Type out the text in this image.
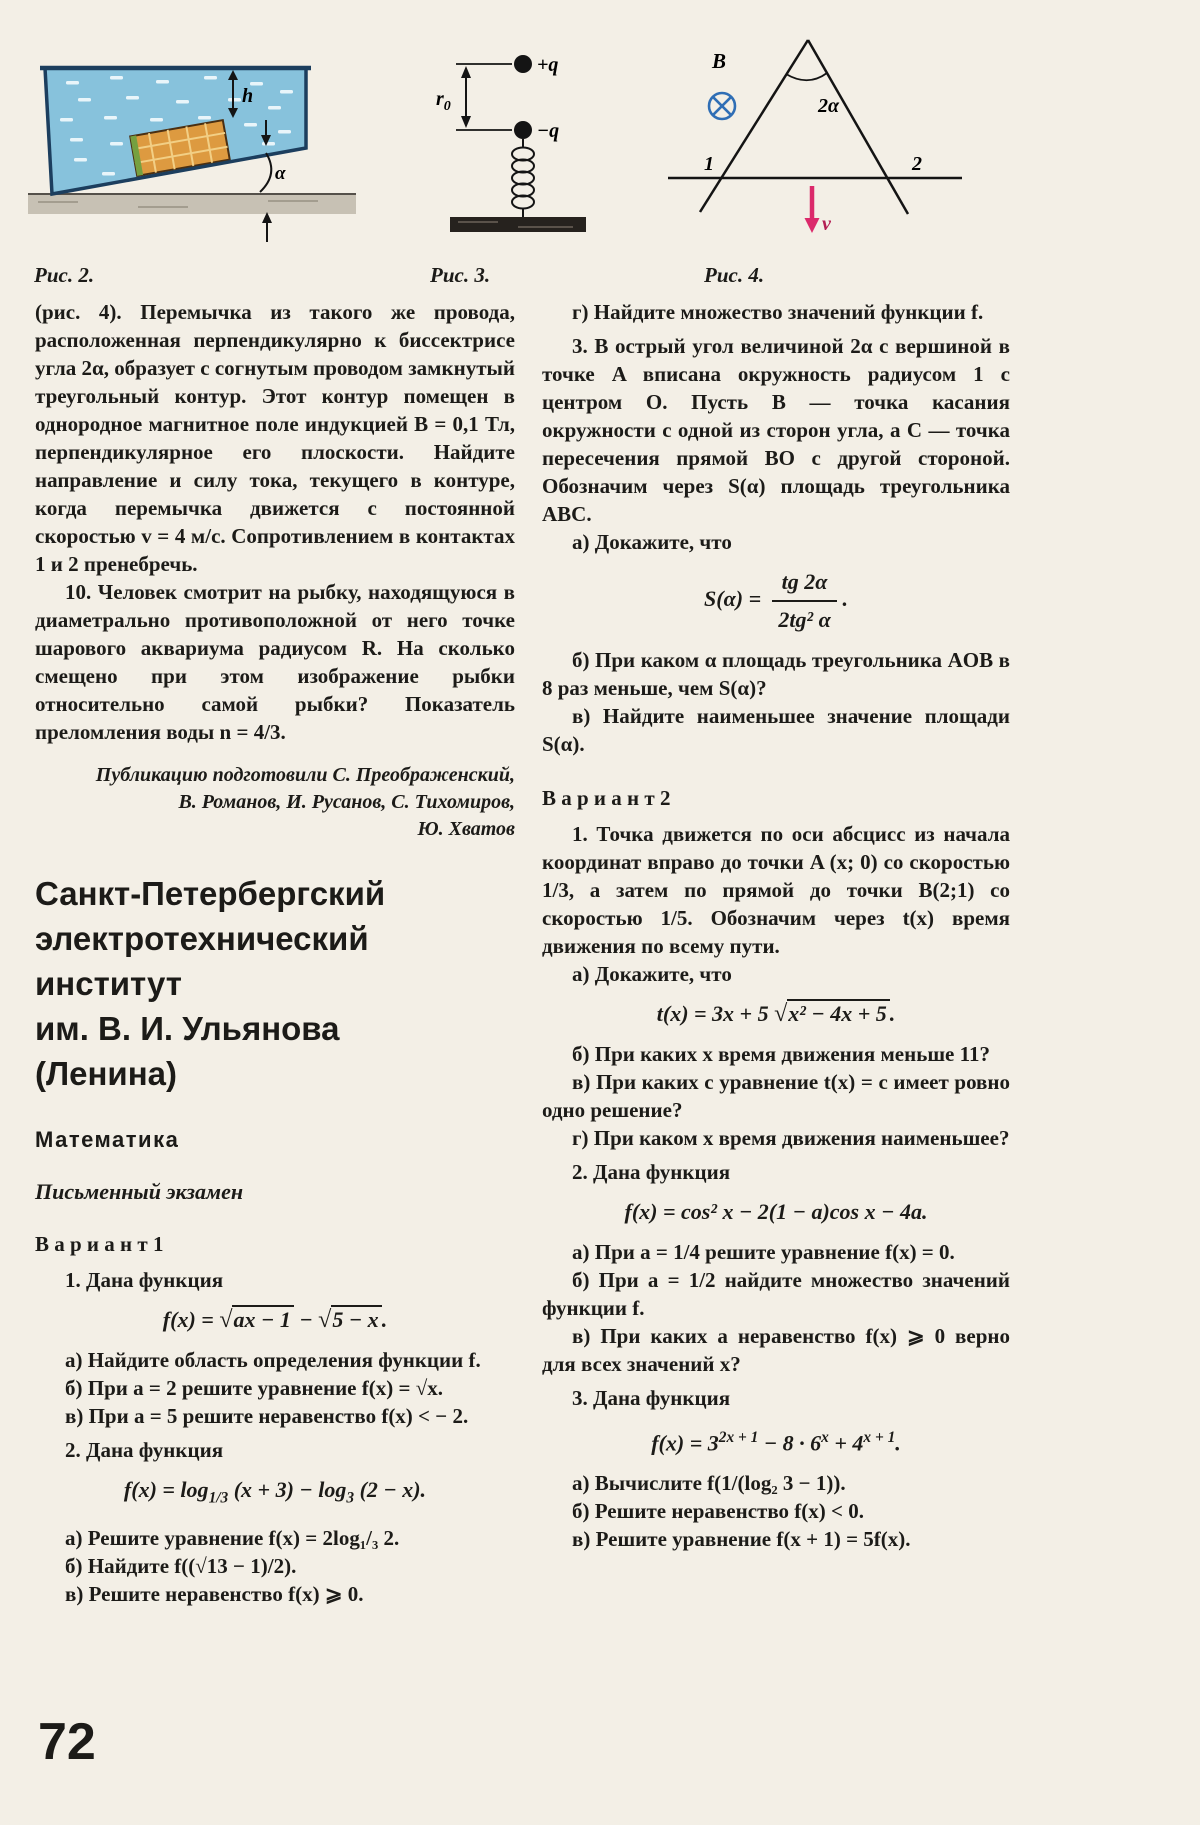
h
α
Рис. 2.
$r_0$
+q
−q
Рис. 3.
2α
B
1	2
v
Рис. 4.

(рис. 4). Перемычка из такого же провода, расположенная перпендикулярно к биссектрисе угла 2α, образует с согнутым проводом замкнутый треугольный контур. Этот контур помещен в однородное магнитное поле индукцией B = 0,1 Тл, перпендикулярное его плоскости. Найдите направление и силу тока, текущего в контуре, когда перемычка движется с постоянной скоростью v = 4 м/с. Сопротивлением в контактах 1 и 2 пренебречь.

10. Человек смотрит на рыбку, находящуюся в диаметрально противоположной от него точке шарового аквариума радиусом R. На сколько смещено при этом изображение рыбки относительно самой рыбки? Показатель преломления воды n = 4/3.

Публикацию подготовили С. Преображенский,
В. Романов, И. Русанов, С. Тихомиров,
Ю. Хватов
Санкт-Петербергский
электротехнический
институт
им. В. И. Ульянова
(Ленина)
Математика
Письменный экзамен
В а р и а н т 1

1. Дана функция

f(x) = √ax − 1 − √5 − x .

а) Найдите область определения функции f.

б) При a = 2 решите уравнение f(x) = √x.

в) При a = 5 решите неравенство f(x) < − 2.

2. Дана функция

$f(x) = \log_{1/3} (x + 3) - \log_3 (2 - x)$.

а) Решите уравнение f(x) = 2log₁/₃ 2.

б) Найдите f((√13 − 1)/2).

в) Решите неравенство f(x) ⩾ 0.

г) Найдите множество значений функции f.

3. В острый угол величиной 2α с вершиной в точке A вписана окружность радиусом 1 с центром O. Пусть B — точка касания окружности с одной из сторон угла, а C — точка пересечения прямой BO с другой стороной. Обозначим через S(α) площадь треугольника ABC.

а) Докажите, что

$S(\alpha) = \frac{tg 2\alpha}{\text{2tg² α}}$ .

б) При каком α площадь треугольника AOB в 8 раз меньше, чем S(α)?

в) Найдите наименьшее значение площади S(α).

В а р и а н т 2

1. Точка движется по оси абсцисс из начала координат вправо до точки A (x; 0) со скоростью 1/3, а затем по прямой до точки B(2;1) со скоростью 1/5. Обозначим через t(x) время движения по всему пути.

а) Докажите, что

t(x) = 3x + 5 √x² − 4x + 5 .

б) При каких x время движения меньше 11?

в) При каких c уравнение t(x) = c имеет ровно одно решение?

г) При каком x время движения наименьшее?

2. Дана функция

f(x) = cos² x − 2(1 − a)cos x − 4a.

а) При a = 1/4 решите уравнение f(x) = 0.

б) При a = 1/2 найдите множество значений функции f.

в) При каких a неравенство f(x) ⩾ 0 верно для всех значений x?

3. Дана функция

$f(x) = 3^{2x + 1} - 8 \cdot 6^x + 4^{x + 1}$.

а) Вычислите f(1/(log₂ 3 − 1)).

б) Решите неравенство f(x) < 0.

в) Решите уравнение f(x + 1) = 5f(x).

72
